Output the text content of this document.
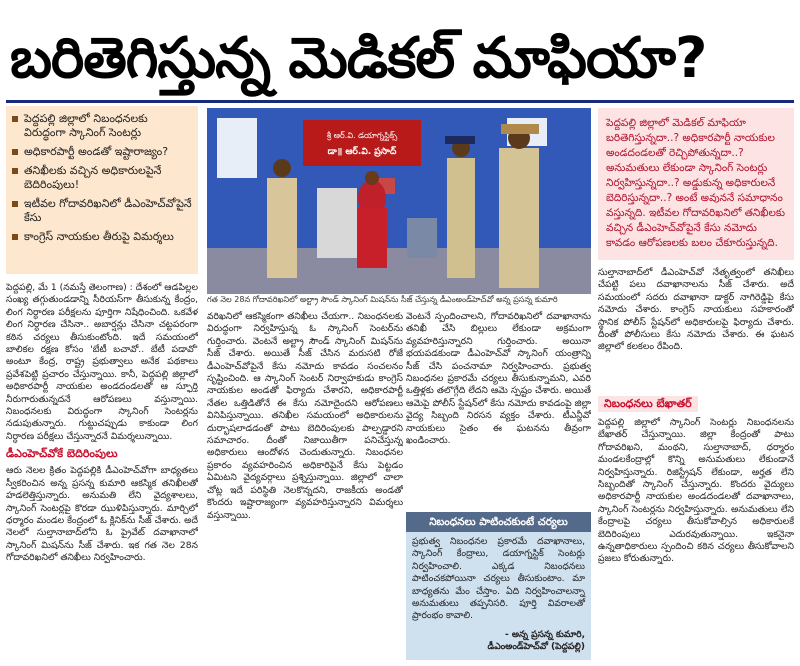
బరితెగిస్తున్న మెడికల్‌ మాఫియా?
పెద్దపల్లి జిల్లాలో నిబంధనలకు విరుద్ధంగా స్కానింగ్ సెంటర్లు
అధికారపార్టీ అండతో ఇష్టారాజ్యం?
తనిఖీలకు వచ్చిన అధికారులపైనే బెదిరింపులు!
ఇటీవల గోదావరిఖనిలో డీఎంహెచ్‌వోపైనే కేసు
కాంగ్రెస్ నాయకుల తీరుపై విమర్శలు
శ్రీ ఆర్.వి. డయాగ్నస్టిక్స్
డా॥ ఆర్.వి. ప్రసాద్
గత నెల 28న గోదావరిఖనిలో అల్ట్రా సౌండ్ స్కానింగ్ మిషన్‌ను సీజ్ చేస్తున్న డీఎంఅండ్‌హెచ్‌వో అన్న ప్రసన్న కుమారి
పెద్దపల్లి జిల్లాలో మెడికల్ మాఫియా బరితెగిస్తున్నదా..? అధికారపార్టీ నాయకుల అండదండలతో రెచ్చిపోతున్నదా..? అనుమతులు లేకుండా స్కానింగ్ సెంటర్లు నిర్వహిస్తున్నదా..? అడ్డుకున్న అధికారులనే బెదిరిస్తున్నదా..? అంటే అవుననే సమాధానం వస్తున్నది. ఇటీవల గోదావరిఖనిలో తనిఖీలకు వచ్చిన డీఎంహెచ్‌వోపైనే కేసు నమోదు కావడం ఆరోపణలకు బలం చేకూరుస్తున్నది.
పెద్దపల్లి, మే 1 (నమస్తే తెలంగాణ) : దేశంలో ఆడపిల్లల సంఖ్య తగ్గుతుండడాన్ని సీరియస్‌గా తీసుకున్న కేంద్రం, లింగ నిర్ధారణ పరీక్షలను పూర్తిగా నిషేధించింది. ఒకవేళ లింగ నిర్ధారణ చేసినా.. అబార్షన్లు చేసినా చట్టపరంగా కఠిన చర్యలు తీసుకుంటోంది. ఇదే సమయంలో బాలికల రక్షణ కోసం 'బేటీ బచావో.. బేటీ పడావో' అంటూ కేంద్ర, రాష్ట్ర ప్రభుత్వాలు అనేక పథకాలు ప్రవేశపెట్టి ప్రచారం చేస్తున్నాయి. కానీ, పెద్దపల్లి జిల్లాలో అధికారపార్టీ నాయకుల అండదండలతో ఆ స్ఫూర్తి నీరుగారుతున్నదనే ఆరోపణలు వస్తున్నాయి. నిబంధనలకు విరుద్ధంగా స్కానింగ్ సెంటర్లను నడుపుతున్నారు. గుట్టుచప్పుడు కాకుండా లింగ నిర్ధారణ పరీక్షలు చేస్తున్నారనే విమర్శలున్నాయి.
డీఎంహెచ్‌వోకే బెదిరింపులు
ఆరు నెలల క్రితం పెద్దపల్లికి డీఎంహెచ్‌వోగా బాధ్యతలు స్వీకరించిన అన్న ప్రసన్న కుమారి ఆకస్మిక తనిఖీలతో హడలెత్తిస్తున్నారు. అనుమతి లేని వైద్యశాలలు, స్కానింగ్ సెంటర్లపై కొరడా ఝుళిపిస్తున్నారు. మార్చిలో ధర్మారం మండల కేంద్రంలో ఓ క్లినిక్‌ను సీజ్ చేశారు. అదే నెలలో సుల్తానాబాద్‌లోని ఓ ప్రైవేట్ దవాఖానాలో స్కానింగ్ మిషన్‌ను సీజ్ చేశారు. ఇక గత నెల 28న గోదావరిఖనిలో తనిఖీలు నిర్వహించారు.
వరిఖనిలో ఆకస్మికంగా తనిఖీలు చేయగా.. నిబంధనలకు విరుద్ధంగా నిర్వహిస్తున్న ఓ స్కానింగ్ సెంటర్‌ను గుర్తించారు. వెంటనే అల్ట్రా సౌండ్ స్కానింగ్ మిషన్‌ను సీజ్ చేశారు. అయితే సీజ్ చేసిన మరుసటి రోజే డీఎంహెచ్‌వోపైనే కేసు నమోదు కావడం సంచలనం సృష్టించింది. ఆ స్కానింగ్ సెంటర్ నిర్వాహకుడు కాంగ్రెస్ నాయకుల అండతో ఫిర్యాదు చేశారని, అధికారపార్టీ నేతల ఒత్తిడితోనే ఈ కేసు నమోదైందని ఆరోపణలు వినిపిస్తున్నాయి. తనిఖీల సమయంలో అధికారులను దుర్భాషలాడడంతో పాటు బెదిరింపులకు పాల్పడ్డారని సమాచారం. దీంతో నిజాయితీగా పనిచేస్తున్న అధికారులు ఆందోళన చెందుతున్నారు. నిబంధనల ప్రకారం వ్యవహరించిన అధికారిపైనే కేసు పెట్టడం ఏమిటని వైద్యవర్గాలు ప్రశ్నిస్తున్నాయి. జిల్లాలో చాలా చోట్ల ఇదే పరిస్థితి నెలకొన్నదని, రాజకీయ అండతో కొందరు ఇష్టారాజ్యంగా వ్యవహరిస్తున్నారని విమర్శలు వస్తున్నాయి.
వెంటనే స్పందించాలని, గోదావరిఖనిలో దవాఖానాను తనిఖీ చేసి బిల్లులు లేకుండా అక్రమంగా వ్యవహరిస్తున్నారని గుర్తించారు. అయినా భయపడకుండా డీఎంహెచ్‌వో స్కానింగ్ యంత్రాన్ని సీజ్ చేసి పంచనామా నిర్వహించారు. ప్రభుత్వ నిబంధనల ప్రకారమే చర్యలు తీసుకున్నామని, ఎవరి ఒత్తిళ్లకు తలొగ్గేది లేదని ఆమె స్పష్టం చేశారు. అయితే ఆమెపై పోలీస్ స్టేషన్‌లో కేసు నమోదు కావడంపై జిల్లా వైద్య సిబ్బంది నిరసన వ్యక్తం చేశారు. టీఎన్జీవో నాయకులు సైతం ఈ ఘటనను తీవ్రంగా ఖండించారు.
నిబంధనలు పాటించకుంటే చర్యలు
ప్రభుత్వ నిబంధనల ప్రకారమే దవాఖానాలు, స్కానింగ్ కేంద్రాలు, డయాగ్నస్టిక్ సెంటర్లు నిర్వహించాలి. ఎక్కడ నిబంధనలు పాటించకపోయినా చర్యలు తీసుకుంటాం. మా బాధ్యతను మేం చేస్తాం. ఏది నిర్వహించాలన్నా అనుమతులు తప్పనిసరి. పూర్తి వివరాలతో ప్రారంభం కావాలి.
- అన్న ప్రసన్న కుమారి,
డీఎంఅండ్‌హెచ్‌వో (పెద్దపల్లి)
సుల్తానాబాద్‌లో డీఎంహెచ్‌వో నేతృత్వంలో తనిఖీలు చేపట్టి పలు దవాఖానాలను సీజ్ చేశారు. అదే సమయంలో సదరు దవాఖానా డాక్టర్ నాగిరెడ్డిపై కేసు నమోదు చేశారు. కాంగ్రెస్ నాయకులు సహకారంతో స్థానిక పోలీస్ స్టేషన్‌లో అధికారులపై ఫిర్యాదు చేశారు. దీంతో పోలీసులు కేసు నమోదు చేశారు. ఈ ఘటన జిల్లాలో కలకలం రేపింది.
నిబంధనలు బేఖాతర్
పెద్దపల్లి జిల్లాలో స్కానింగ్ సెంటర్లు నిబంధనలను బేఖాతర్ చేస్తున్నాయి. జిల్లా కేంద్రంతో పాటు గోదావరిఖని, మంథని, సుల్తానాబాద్, ధర్మారం మండలకేంద్రాల్లో కొన్ని అనుమతులు లేకుండానే నిర్వహిస్తున్నారు. రిజిస్ట్రేషన్ లేకుండా, అర్హత లేని సిబ్బందితో స్కానింగ్ చేస్తున్నారు. కొందరు వైద్యులు అధికారపార్టీ నాయకుల అండదండలతో దవాఖానాలు, స్కానింగ్ సెంటర్లను నిర్వహిస్తున్నారు. అనుమతులు లేని కేంద్రాలపై చర్యలు తీసుకోవాల్సిన అధికారులకే బెదిరింపులు ఎదురవుతున్నాయి. ఇకనైనా ఉన్నతాధికారులు స్పందించి కఠిన చర్యలు తీసుకోవాలని ప్రజలు కోరుతున్నారు.
